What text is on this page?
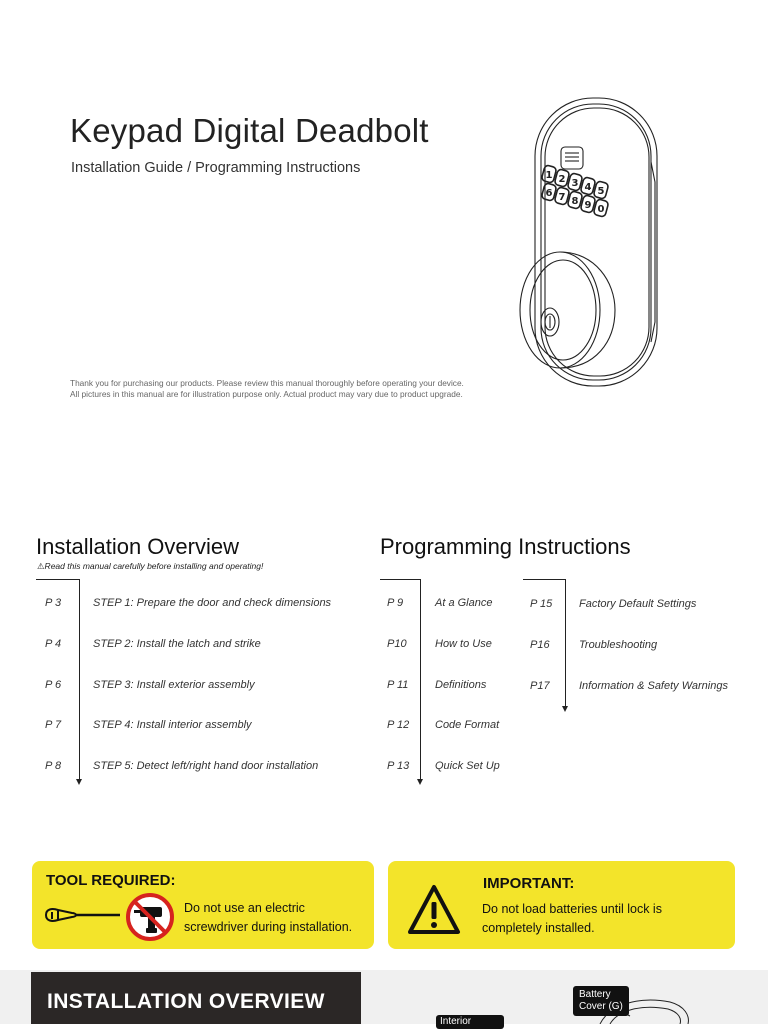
Keypad Digital Deadbolt
Installation Guide / Programming Instructions
Thank you for purchasing our products. Please review this manual thoroughly before operating your device.
All pictures in this manual are for illustration purpose only. Actual product may vary due to product upgrade.
1 2 3 4 5
6 7 8 9 0
Installation Overview
⚠Read this manual carefully before installing and operating!
P 3	STEP 1: Prepare the door and check dimensions
P 4	STEP 2: Install the latch and strike
P 6	STEP 3: Install exterior assembly
P 7	STEP 4: Install interior assembly
P 8	STEP 5: Detect left/right hand door installation
Programming Instructions
P 9	At a Glance
P10	How to Use
P 11 Definitions
P 12 Code Format
P 13 Quick Set Up
P 15 Factory Default Settings
P16	Troubleshooting
P17	Information & Safety Warnings
TOOL REQUIRED:
Do not use an electric
screwdriver during installation.
IMPORTANT:
Do not load batteries until lock is
completely installed.
INSTALLATION OVERVIEW	Battery
Cover (G)
Interior
